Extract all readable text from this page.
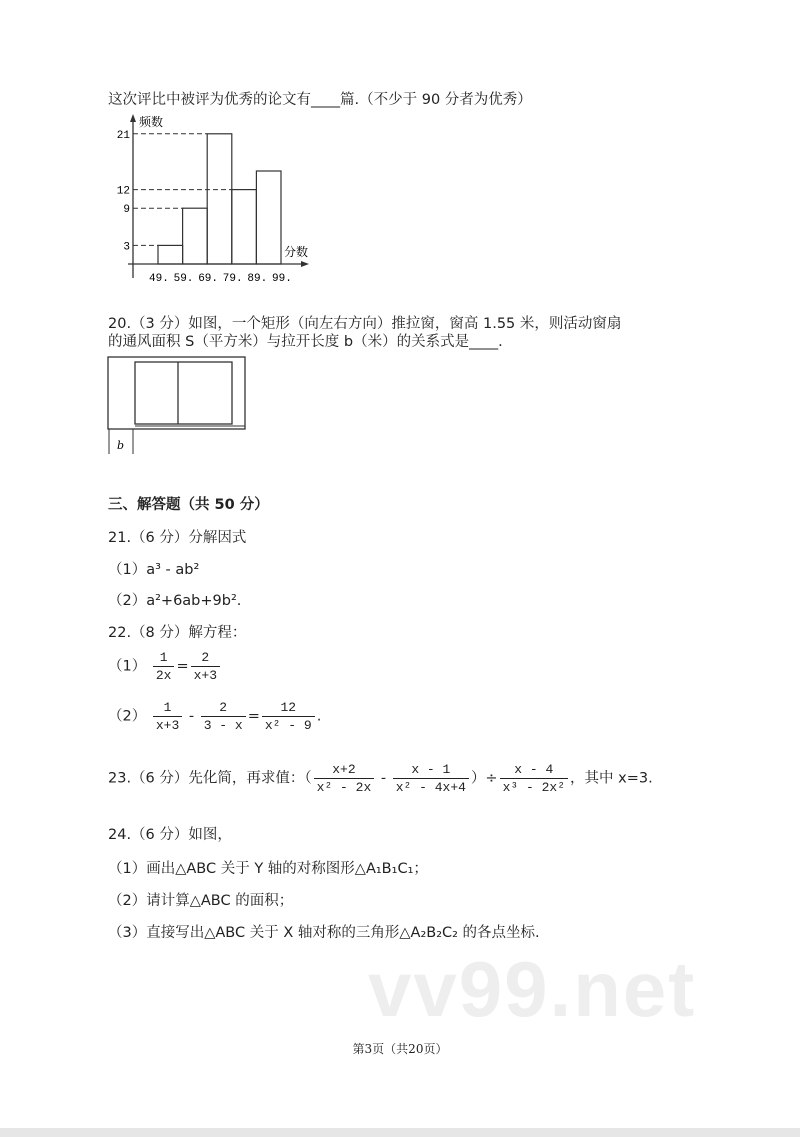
这次评比中被评为优秀的论文有____篇.（不少于 90 分者为优秀）
频数
分数
3
9
12
21
49. 59. 69. 79. 89. 99.
20.（3 分）如图，一个矩形（向左右方向）推拉窗，窗高 1.55 米，则活动窗扇
的通风面积 S（平方米）与拉开长度 b（米）的关系式是____.
b
三、解答题（共 50 分）
21.（6 分）分解因式
（1）a³ - ab²
（2）a²+6ab+9b².
22.（8 分）解方程：
$(1) \frac{1}{2x} = \frac{2}{x+3}$
$(2) \frac{1}{x+3} - \frac{2}{3 - x} = \frac{12}{\text{x² - 9}}$ .
23.（6 分）先化简，再求值：（ $\frac{x+2}{\text{x² - 2x}} - \frac{x - 1}{\text{x² - 4x+4}}$ ）÷ $\frac{x - 4}{\text{x³ - 2x²}}$ ，其中 x=3.
24.（6 分）如图，
（1）画出△ABC 关于 Y 轴的对称图形△A₁B₁C₁；
（2）请计算△ABC 的面积；
（3）直接写出△ABC 关于 X 轴对称的三角形△A₂B₂C₂ 的各点坐标.
vv99.net
第3页（共20页）
